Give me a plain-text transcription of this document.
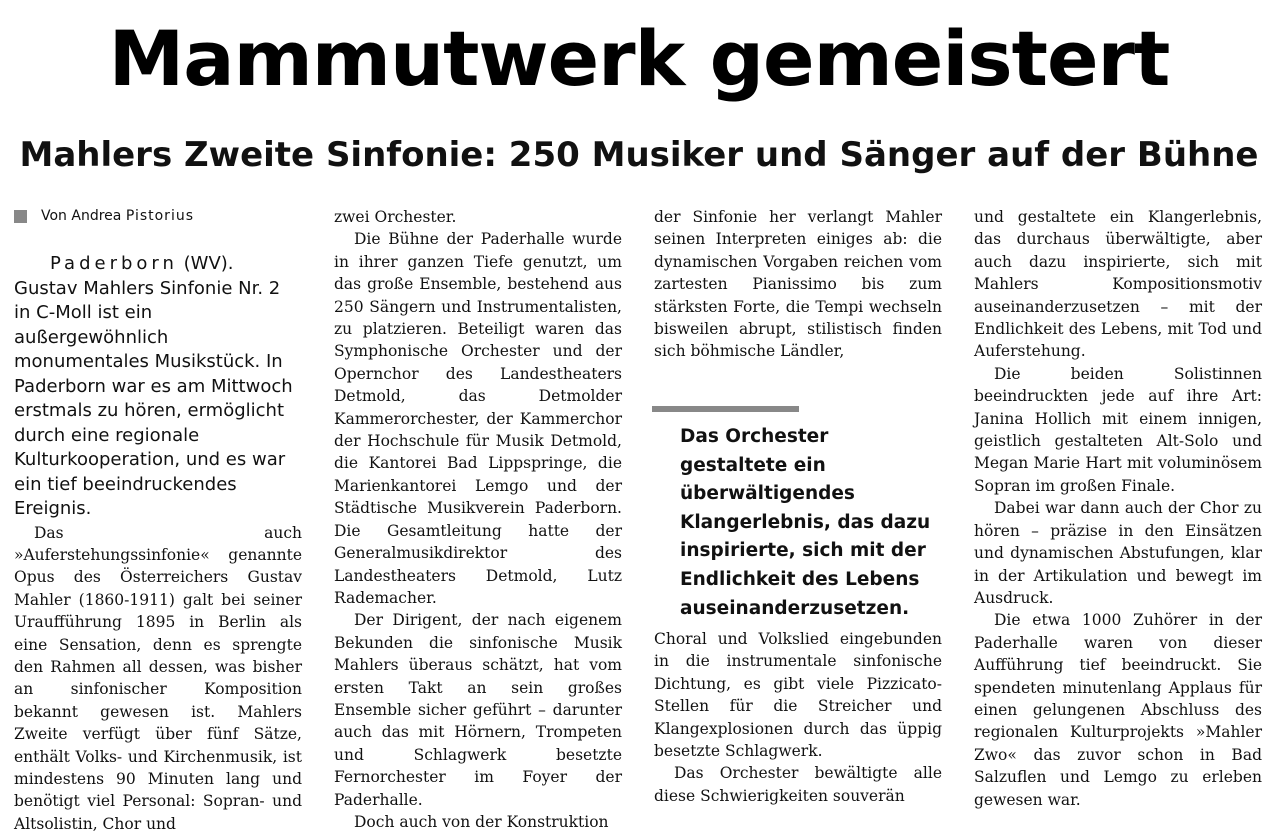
Mammutwerk gemeistert
Mahlers Zweite Sinfonie: 250 Musiker und Sänger auf der Bühne
Von Andrea
Pistorius

Paderborn (WV). Gustav Mahlers Sinfonie Nr. 2 in C-Moll ist ein außergewöhnlich monumentales Musikstück. In Paderborn war es am Mittwoch erstmals zu hören, ermöglicht durch eine regionale Kulturkooperation, und es war ein tief beeindruckendes Ereignis.

Das auch »Auferstehungssinfonie« genannte Opus des Österreichers Gustav Mahler (1860-1911) galt bei seiner Uraufführung 1895 in Berlin als eine Sensation, denn es sprengte den Rahmen all dessen, was bisher an sinfonischer Komposition bekannt gewesen ist. Mahlers Zweite verfügt über fünf Sätze, enthält Volks- und Kirchenmusik, ist mindestens 90 Minuten lang und benötigt viel Personal: Sopran- und Altsolistin, Chor und

zwei Orchester.

Die Bühne der Paderhalle wurde in ihrer ganzen Tiefe genutzt, um das große Ensemble, bestehend aus 250 Sängern und Instrumentalisten, zu platzieren. Beteiligt waren das Symphonische Orchester und der Opernchor des Landestheaters Detmold, das Detmolder Kammerorchester, der Kammerchor der Hochschule für Musik Detmold, die Kantorei Bad Lippspringe, die Marienkantorei Lemgo und der Städtische Musikverein Paderborn. Die Gesamtleitung hatte der Generalmusikdirektor des Landestheaters Detmold, Lutz Rademacher.

Der Dirigent, der nach eigenem Bekunden die sinfonische Musik Mahlers überaus schätzt, hat vom ersten Takt an sein großes Ensemble sicher geführt – darunter auch das mit Hörnern, Trompeten und Schlagwerk besetzte Fernorchester im Foyer der Paderhalle.

Doch auch von der Konstruktion

der Sinfonie her verlangt Mahler seinen Interpreten einiges ab: die dynamischen Vorgaben reichen vom zartesten Pianissimo bis zum stärksten Forte, die Tempi wechseln bisweilen abrupt, stilistisch finden sich böhmische Ländler,

Das Orchester gestaltete ein überwältigendes Klangerlebnis, das dazu inspirierte, sich mit der Endlichkeit des Lebens auseinanderzusetzen.

Choral und Volkslied eingebunden in die instrumentale sinfonische Dichtung, es gibt viele Pizzicato-Stellen für die Streicher und Klangexplosionen durch das üppig besetzte Schlagwerk.

Das Orchester bewältigte alle diese Schwierigkeiten souverän

und gestaltete ein Klangerlebnis, das durchaus überwältigte, aber auch dazu inspirierte, sich mit Mahlers Kompositionsmotiv auseinanderzusetzen – mit der Endlichkeit des Lebens, mit Tod und Auferstehung.

Die beiden Solistinnen beeindruckten jede auf ihre Art: Janina Hollich mit einem innigen, geistlich gestalteten Alt-Solo und Megan Marie Hart mit voluminösem Sopran im großen Finale.

Dabei war dann auch der Chor zu hören – präzise in den Einsätzen und dynamischen Abstufungen, klar in der Artikulation und bewegt im Ausdruck.

Die etwa 1000 Zuhörer in der Paderhalle waren von dieser Aufführung tief beeindruckt. Sie spendeten minutenlang Applaus für einen gelungenen Abschluss des regionalen Kulturprojekts »Mahler Zwo« das zuvor schon in Bad Salzuflen und Lemgo zu erleben gewesen war.
